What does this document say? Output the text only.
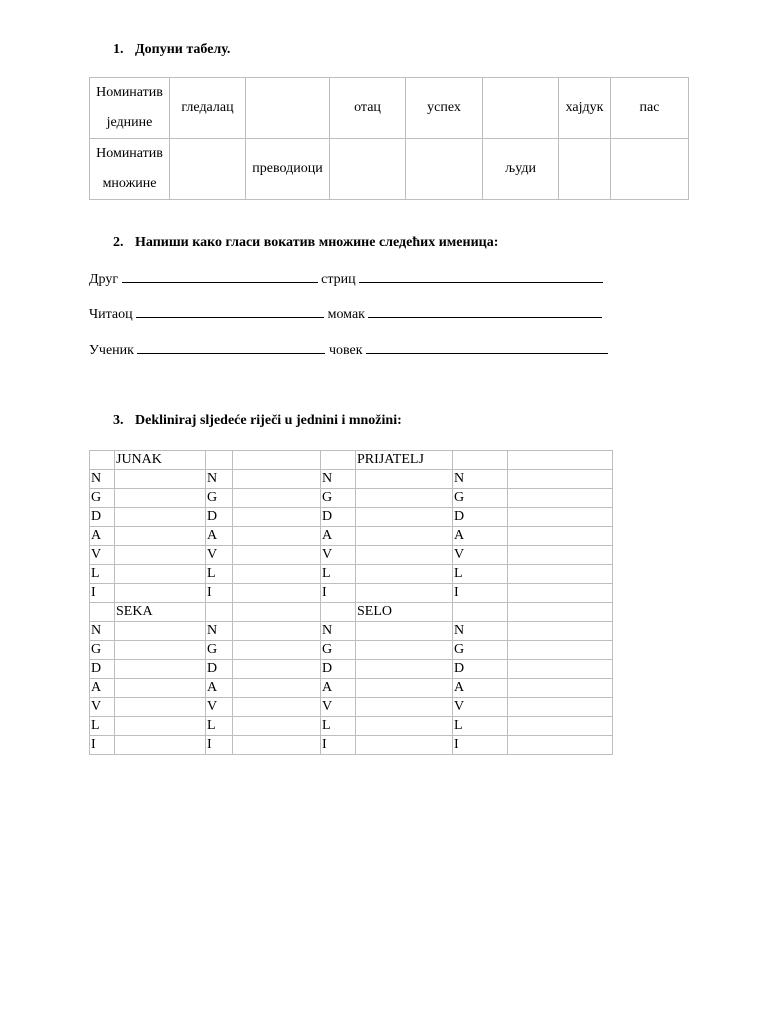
1. Допуни табелу.
Номинатив
једнине	гледалац		отац	успех		хајдук	пас

Номинатив
множине		преводиоци			људи		
2. Напиши како гласи вокатив множине следећих именица:
Друг	стриц
Читаоц	момак
Ученик	човек
3. Dekliniraj sljedeće riječi u jednini i množini:
	JUNAK				PRIJATELJ		
N		N		N		N	
G		G		G		G	
D		D		D		D	
A		A		A		A	
V		V		V		V	
L		L		L		L	
I		I		I		I	
	SEKA				SELO		
N		N		N		N	
G		G		G		G	
D		D		D		D	
A		A		A		A	
V		V		V		V	
L		L		L		L	
I		I		I		I	
